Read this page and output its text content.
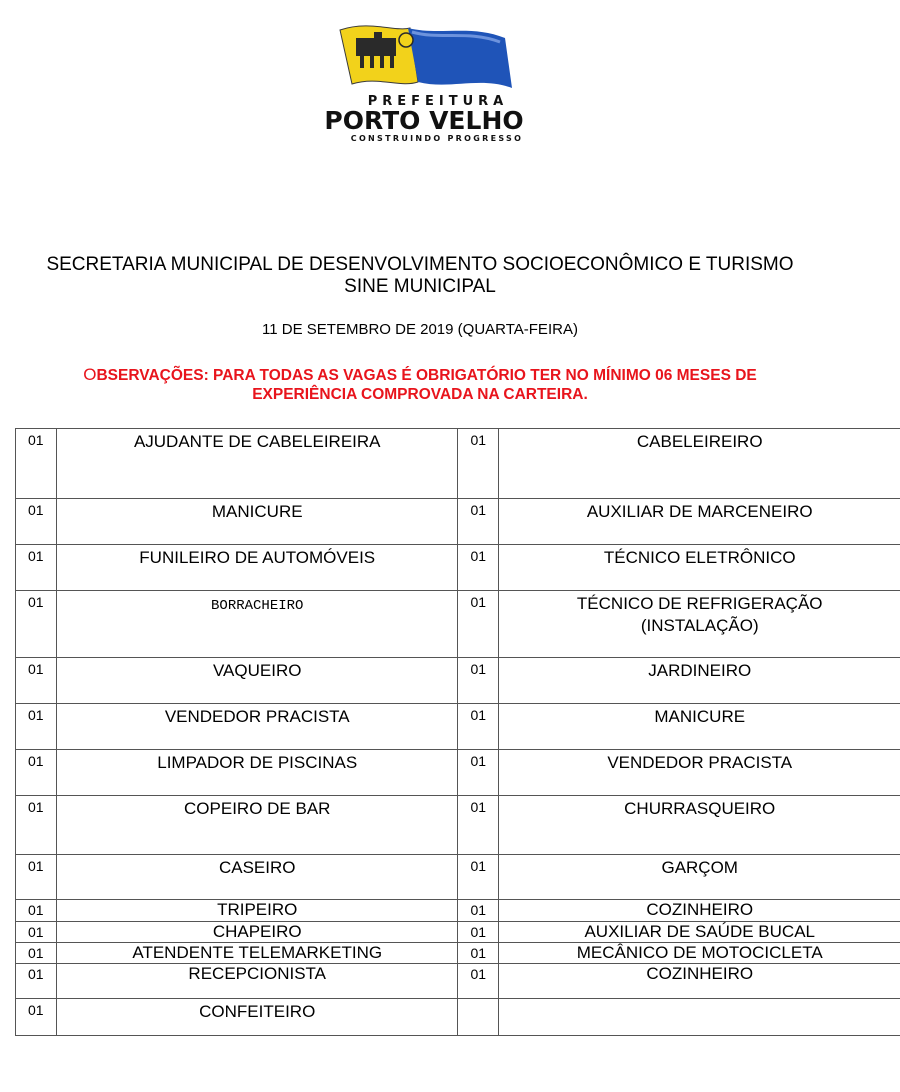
PREFEITURA
PORTO VELHO
CONSTRUINDO PROGRESSO
SECRETARIA MUNICIPAL DE DESENVOLVIMENTO SOCIOECONÔMICO E TURISMO
SINE MUNICIPAL
11 DE SETEMBRO DE 2019 (QUARTA-FEIRA)
OBSERVAÇÕES: PARA TODAS AS VAGAS É OBRIGATÓRIO TER NO MÍNIMO 06 MESES DE EXPERIÊNCIA COMPROVADA NA CARTEIRA.
01	AJUDANTE DE CABELEIREIRA	01	CABELEIREIRO
01	MANICURE	01	AUXILIAR DE MARCENEIRO
01	FUNILEIRO DE AUTOMÓVEIS	01	TÉCNICO ELETRÔNICO
01	BORRACHEIRO	01	TÉCNICO DE REFRIGERAÇÃO
(INSTALAÇÃO)

01	VAQUEIRO	01	JARDINEIRO
01	VENDEDOR PRACISTA	01	MANICURE
01	LIMPADOR DE PISCINAS	01	VENDEDOR PRACISTA
01	COPEIRO DE BAR	01	CHURRASQUEIRO
01	CASEIRO	01	GARÇOM
01	TRIPEIRO	01	COZINHEIRO
01	CHAPEIRO	01	AUXILIAR DE SAÚDE BUCAL
01	ATENDENTE TELEMARKETING	01	MECÂNICO DE MOTOCICLETA
01	RECEPCIONISTA	01	COZINHEIRO
01	CONFEITEIRO		
